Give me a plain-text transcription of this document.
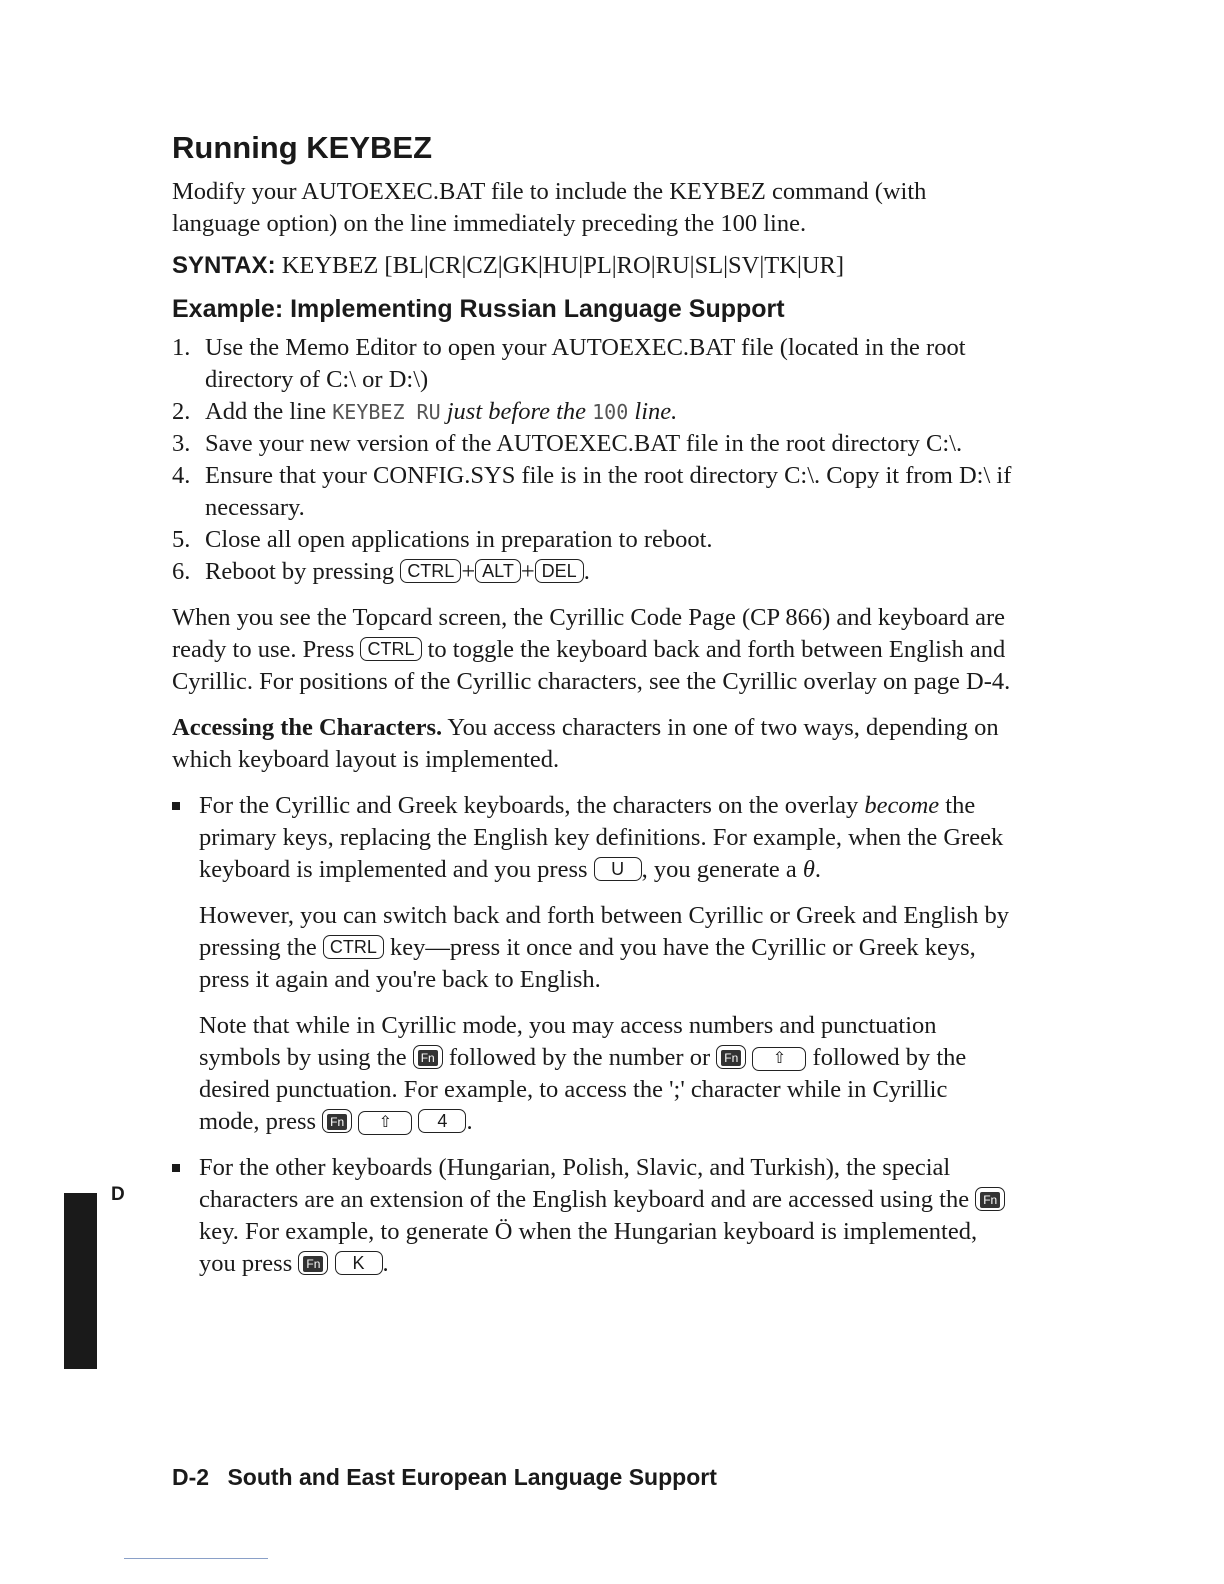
Running KEYBEZ

Modify your AUTOEXEC.BAT file to include the KEYBEZ command (with language option) on the line immediately preceding the 100 line.

SYNTAX: KEYBEZ [BL|CR|CZ|GK|HU|PL|RO|RU|SL|SV|TK|UR]

Example: Implementing Russian Language Support
1. Use the Memo Editor to open your AUTOEXEC.BAT file (located in the root directory of C:\ or D:\)
2. Add the line KEYBEZ RU just before the 100 line.
3. Save your new version of the AUTOEXEC.BAT file in the root directory C:\.
4. Ensure that your CONFIG.SYS file is in the root directory C:\. Copy it from D:\ if necessary.
5. Close all open applications in preparation to reboot.
6. Reboot by pressing CTRL + ALT + DEL .

When you see the Topcard screen, the Cyrillic Code Page (CP 866) and keyboard are ready to use. Press CTRL to toggle the keyboard back and forth between English and Cyrillic. For positions of the Cyrillic characters, see the Cyrillic overlay on page D-4.

Accessing the Characters. You access characters in one of two ways, depending on which keyboard layout is implemented.

For the Cyrillic and Greek keyboards, the characters on the overlay become the primary keys, replacing the English key definitions. For example, when the Greek keyboard is implemented and you press U , you generate a θ.

However, you can switch back and forth between Cyrillic or Greek and English by pressing the CTRL key—press it once and you have the Cyrillic or Greek keys, press it again and you're back to English.

Note that while in Cyrillic mode, you may access numbers and punctuation symbols by using the Fn followed by the number or Fn ⇧ followed by the desired punctuation. For example, to access the ';' character while in Cyrillic mode, press Fn ⇧	4 .

For the other keyboards (Hungarian, Polish, Slavic, and Turkish), the special characters are an extension of the English keyboard and are accessed using the Fn key. For example, to generate Ö when the Hungarian keyboard is implemented, you press Fn K .

D
D-2 South and East European Language Support
